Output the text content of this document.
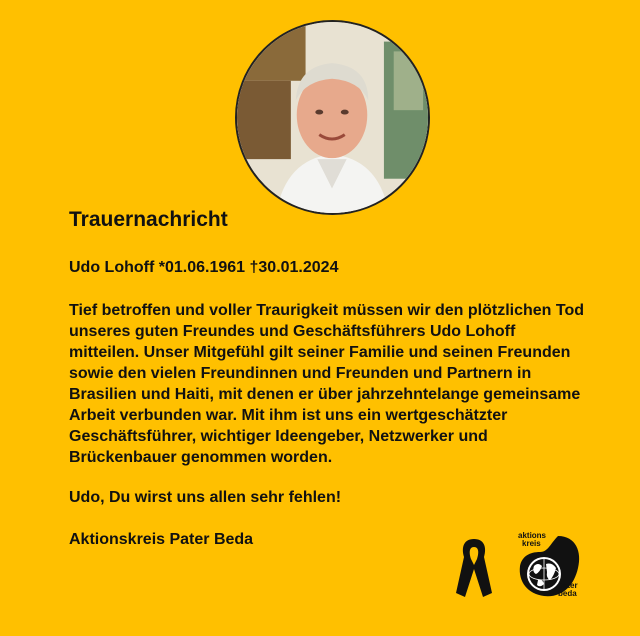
Trauernachricht
Udo Lohoff *01.06.1961 †30.01.2024
Tief betroffen und voller Traurigkeit müssen wir den plötzlichen Tod unseres guten Freundes und Geschäftsführers Udo Lohoff mitteilen. Unser Mitgefühl gilt seiner Familie und seinen Freunden sowie den vielen Freundinnen und Freunden und Partnern in Brasilien und Haiti, mit denen er über jahrzehntelange gemeinsame Arbeit verbunden war. Mit ihm ist uns ein wertgeschätzter Geschäftsführer, wichtiger Ideengeber, Netzwerker und Brückenbauer genommen worden.
Udo, Du wirst uns allen sehr fehlen!
Aktionskreis Pater Beda	aktions
kreis
pater
beda
